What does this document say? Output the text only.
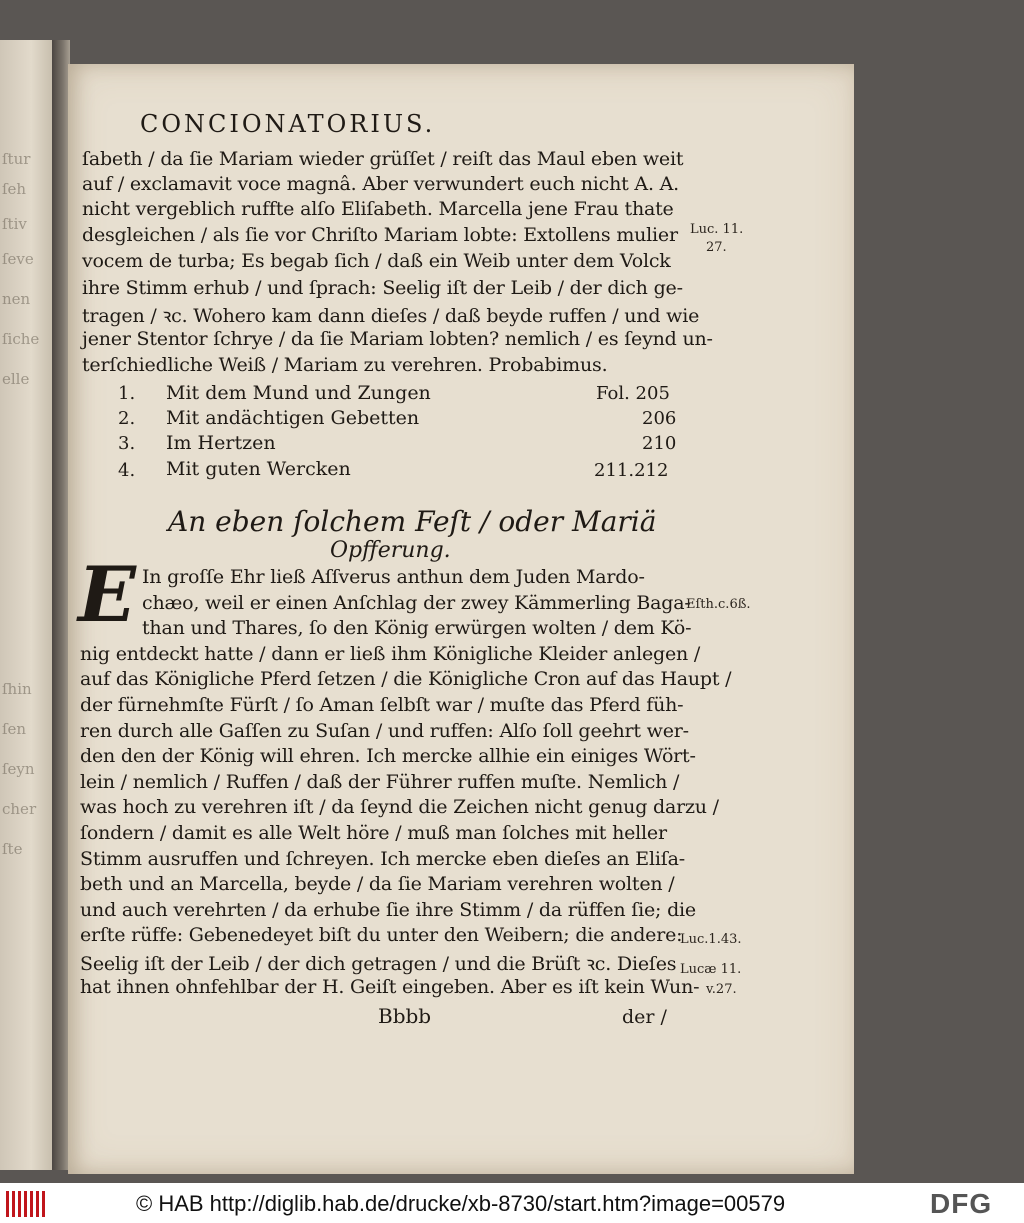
ſtur
ſeh
ſtiv
ſeve
nen
ſiche
elle
ſhin
ſen
ſeyn
cher
ſte
CONCIONATORIUS.
ſabeth / da ſie Mariam wieder grüſſet / reiſt das Maul eben weit
auf / exclamavit voce magnâ. Aber verwundert euch nicht A. A.
nicht vergeblich ruffte alſo Eliſabeth. Marcella jene Frau thate
desgleichen / als ſie vor Chriſto Mariam lobte: Extollens mulier
vocem de turba; Es begab ſich / daß ein Weib unter dem Volck
ihre Stimm erhub / und ſprach: Seelig iſt der Leib / der dich ge-
tragen / ꝛc. Wohero kam dann dieſes / daß beyde ruffen / und wie
jener Stentor ſchrye / da ſie Mariam lobten? nemlich / es ſeynd un-
terſchiedliche Weiß / Mariam zu verehren. Probabimus.
Luc. 11.
27.
1. Mit dem Mund und Zungen	Fol. 205
2. Mit andächtigen Gebetten	206
3. Im Hertzen	210
4. Mit guten Wercken	211.212
An eben ſolchem Feſt / oder Mariä
Opfferung.
E In groſſe Ehr ließ Aſſverus anthun dem Juden Mardo-
chæo, weil er einen Anſchlag der zwey Kämmerling Baga-
than und Thares, ſo den König erwürgen wolten / dem Kö-
nig entdeckt hatte / dann er ließ ihm Königliche Kleider anlegen /
auf das Königliche Pferd ſetzen / die Königliche Cron auf das Haupt /
der fürnehmſte Fürſt / ſo Aman ſelbſt war / muſte das Pferd füh-
ren durch alle Gaſſen zu Suſan / und ruffen: Alſo ſoll geehrt wer-
den den der König will ehren. Ich mercke allhie ein einiges Wört-
lein / nemlich / Ruffen / daß der Führer ruffen muſte. Nemlich /
was hoch zu verehren iſt / da ſeynd die Zeichen nicht genug darzu /
ſondern / damit es alle Welt höre / muß man ſolches mit heller
Stimm ausruffen und ſchreyen. Ich mercke eben dieſes an Eliſa-
beth und an Marcella, beyde / da ſie Mariam verehren wolten /
und auch verehrten / da erhube ſie ihre Stimm / da rüffen ſie; die
erſte rüffe: Gebenedeyet biſt du unter den Weibern; die andere:
Seelig iſt der Leib / der dich getragen / und die Brüſt ꝛc. Dieſes
hat ihnen ohnfehlbar der H. Geiſt eingeben. Aber es iſt kein Wun-
Eſth.c.6ß.
Luc.1.43.
Lucæ 11.
v.27.
Bbbb	der /
© HAB http://diglib.hab.de/drucke/xb-8730/start.htm?image=00579	DFG
